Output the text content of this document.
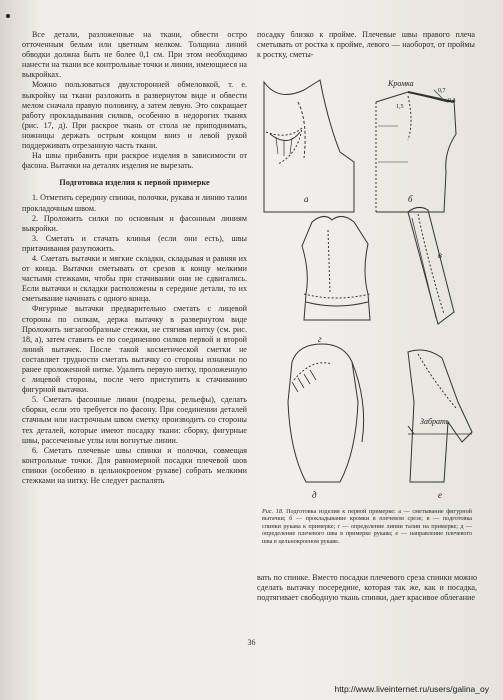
Все детали, разложенные на ткани, обвести остро отточенным белым или цветным мелком. Толщина линий обводки должна быть не более 0,1 см. При этом необходимо нанести на ткани все контрольные точки и линии, имеющиеся на выкройках.

Можно пользоваться двухсторонней обмеловкой, т. е. выкройку на ткани разложить в развернутом виде и обвести мелом сначала правую половину, а затем левую. Это сокращает работу прокладывания силков, особенно в недорогих тканях (рис. 17, д). При раскрое ткань от стола не приподнимать, ножницы держать острым концом вниз и левой рукой поддерживать отрезанную часть ткани.

На швы прибавить при раскрое изделия в зависимости от фасона. Вытачки на деталях изделия не вырезать.

Подготовка изделия к первой примерке

1. Отметить середину спинки, полочки, рукава и линию талии прокладочным швом.

2. Проложить силки по основным и фасонным линиям выкройки.

3. Сметать и стачать клинья (если они есть), швы притачивания разутюжить.

4. Сметать вытачки и мягкие складки, складывая и равняя их от конца. Вытачки сметывать от срезов к концу мелкими частыми стежками, чтобы при стачивании они не сдвигались. Если вытачки и складки расположены в середине детали, то их сметывание начинать с одного конца.

Фигурные вытачки предварительно сметать с лицевой стороны по силкам, держа вытачку в развернутом виде Проложить зигзагообразные стежки, не стягивая нитку (см. рис. 18, а), затем ставить ее по соединению силков первой и второй линий вытачек. После такой косметической сметки не составляет трудности сметать вытачку со стороны изнанки по ранее проложенной нитке. Удалить первую нитку, проложенную с лицевой стороны, после чего приступить к стачиванию фигурной вытачки.

5. Сметать фасонные линии (подрезы, рельефы), сделать сборки, если это требуется по фасону. При соединении деталей стачным или настрочным швом сметку производить со стороны тех деталей, которые имеют посадку ткани: сборку, фигурные швы, рассеченные углы или вогнутые линии.

6. Сметать плечевые швы спинки и полочки, совмещая контрольные точки. Для равномерной посадки плечевой шов спинки (особенно в цельнокроеном рукаве) собрать мелкими стежками на нитку. Не следует распалять

посадку близко к пройме. Плечевые швы правого плеча сметывать от ростка к пройме, левого — наоборот, от проймы к ростку, сметы-
Кромка
0,7
0,3
1,5
Забрать
а	б
в
г
д	е
Рис. 18. Подготовка изделия к первой примерке: а — сметывание фигурной вытачки; б — прокладывание кромки в плечевом срезе; в — подготовка спинки рукава к примерке; г — определение линии талии на примерке; д — определение плечевого шва в примерке рукава; е — направление плечевого шва в цельнокроеном рукаве.
вать по спинке. Вместо посадки плечевого среза спинки можно сделать вытачку посередине, которая так же, как и посадка, подтягивает свободную ткань спинки, дает красивое облегание
36
http://www.liveinternet.ru/users/galina_oy
